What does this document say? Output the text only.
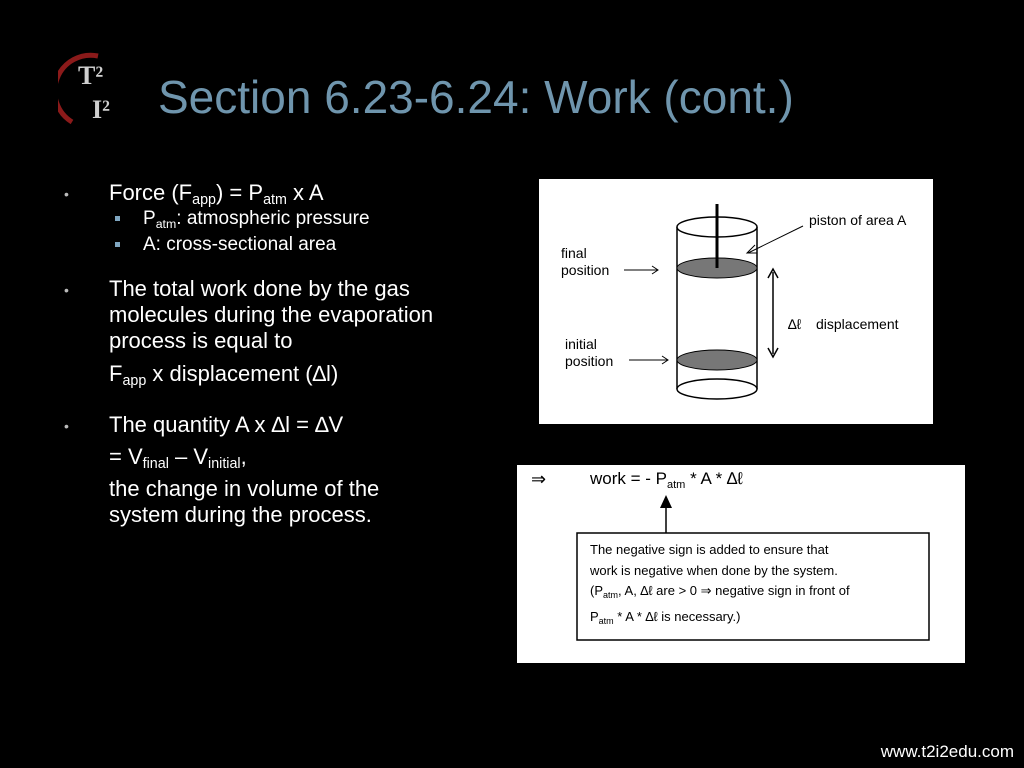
T²
I² Section 6.23-6.24: Work (cont.)
• Force $(F_{app}) = P_{atm}$ x A
$P_{atm}$: atmospheric pressure
A: cross-sectional area
• The total work done by the gas
molecules during the evaporation
process is equal to
$F_{app}$ x displacement (∆l)
• The quantity A x ∆l = ∆V
= $V_{final} - V_{initial}$,
the change in volume of the
system during the process.
piston of area A
final
position
initial
position
∆ℓ displacement
⇒	work = - $P_{atm}$ * A * ∆ℓ
The negative sign is added to ensure that
work is negative when done by the system.
($P_{atm}$, A, ∆ℓ are > 0 ⇒ negative sign in front of
$P_{atm}$ * A * ∆ℓ is necessary.)
www.t2i2edu.com
